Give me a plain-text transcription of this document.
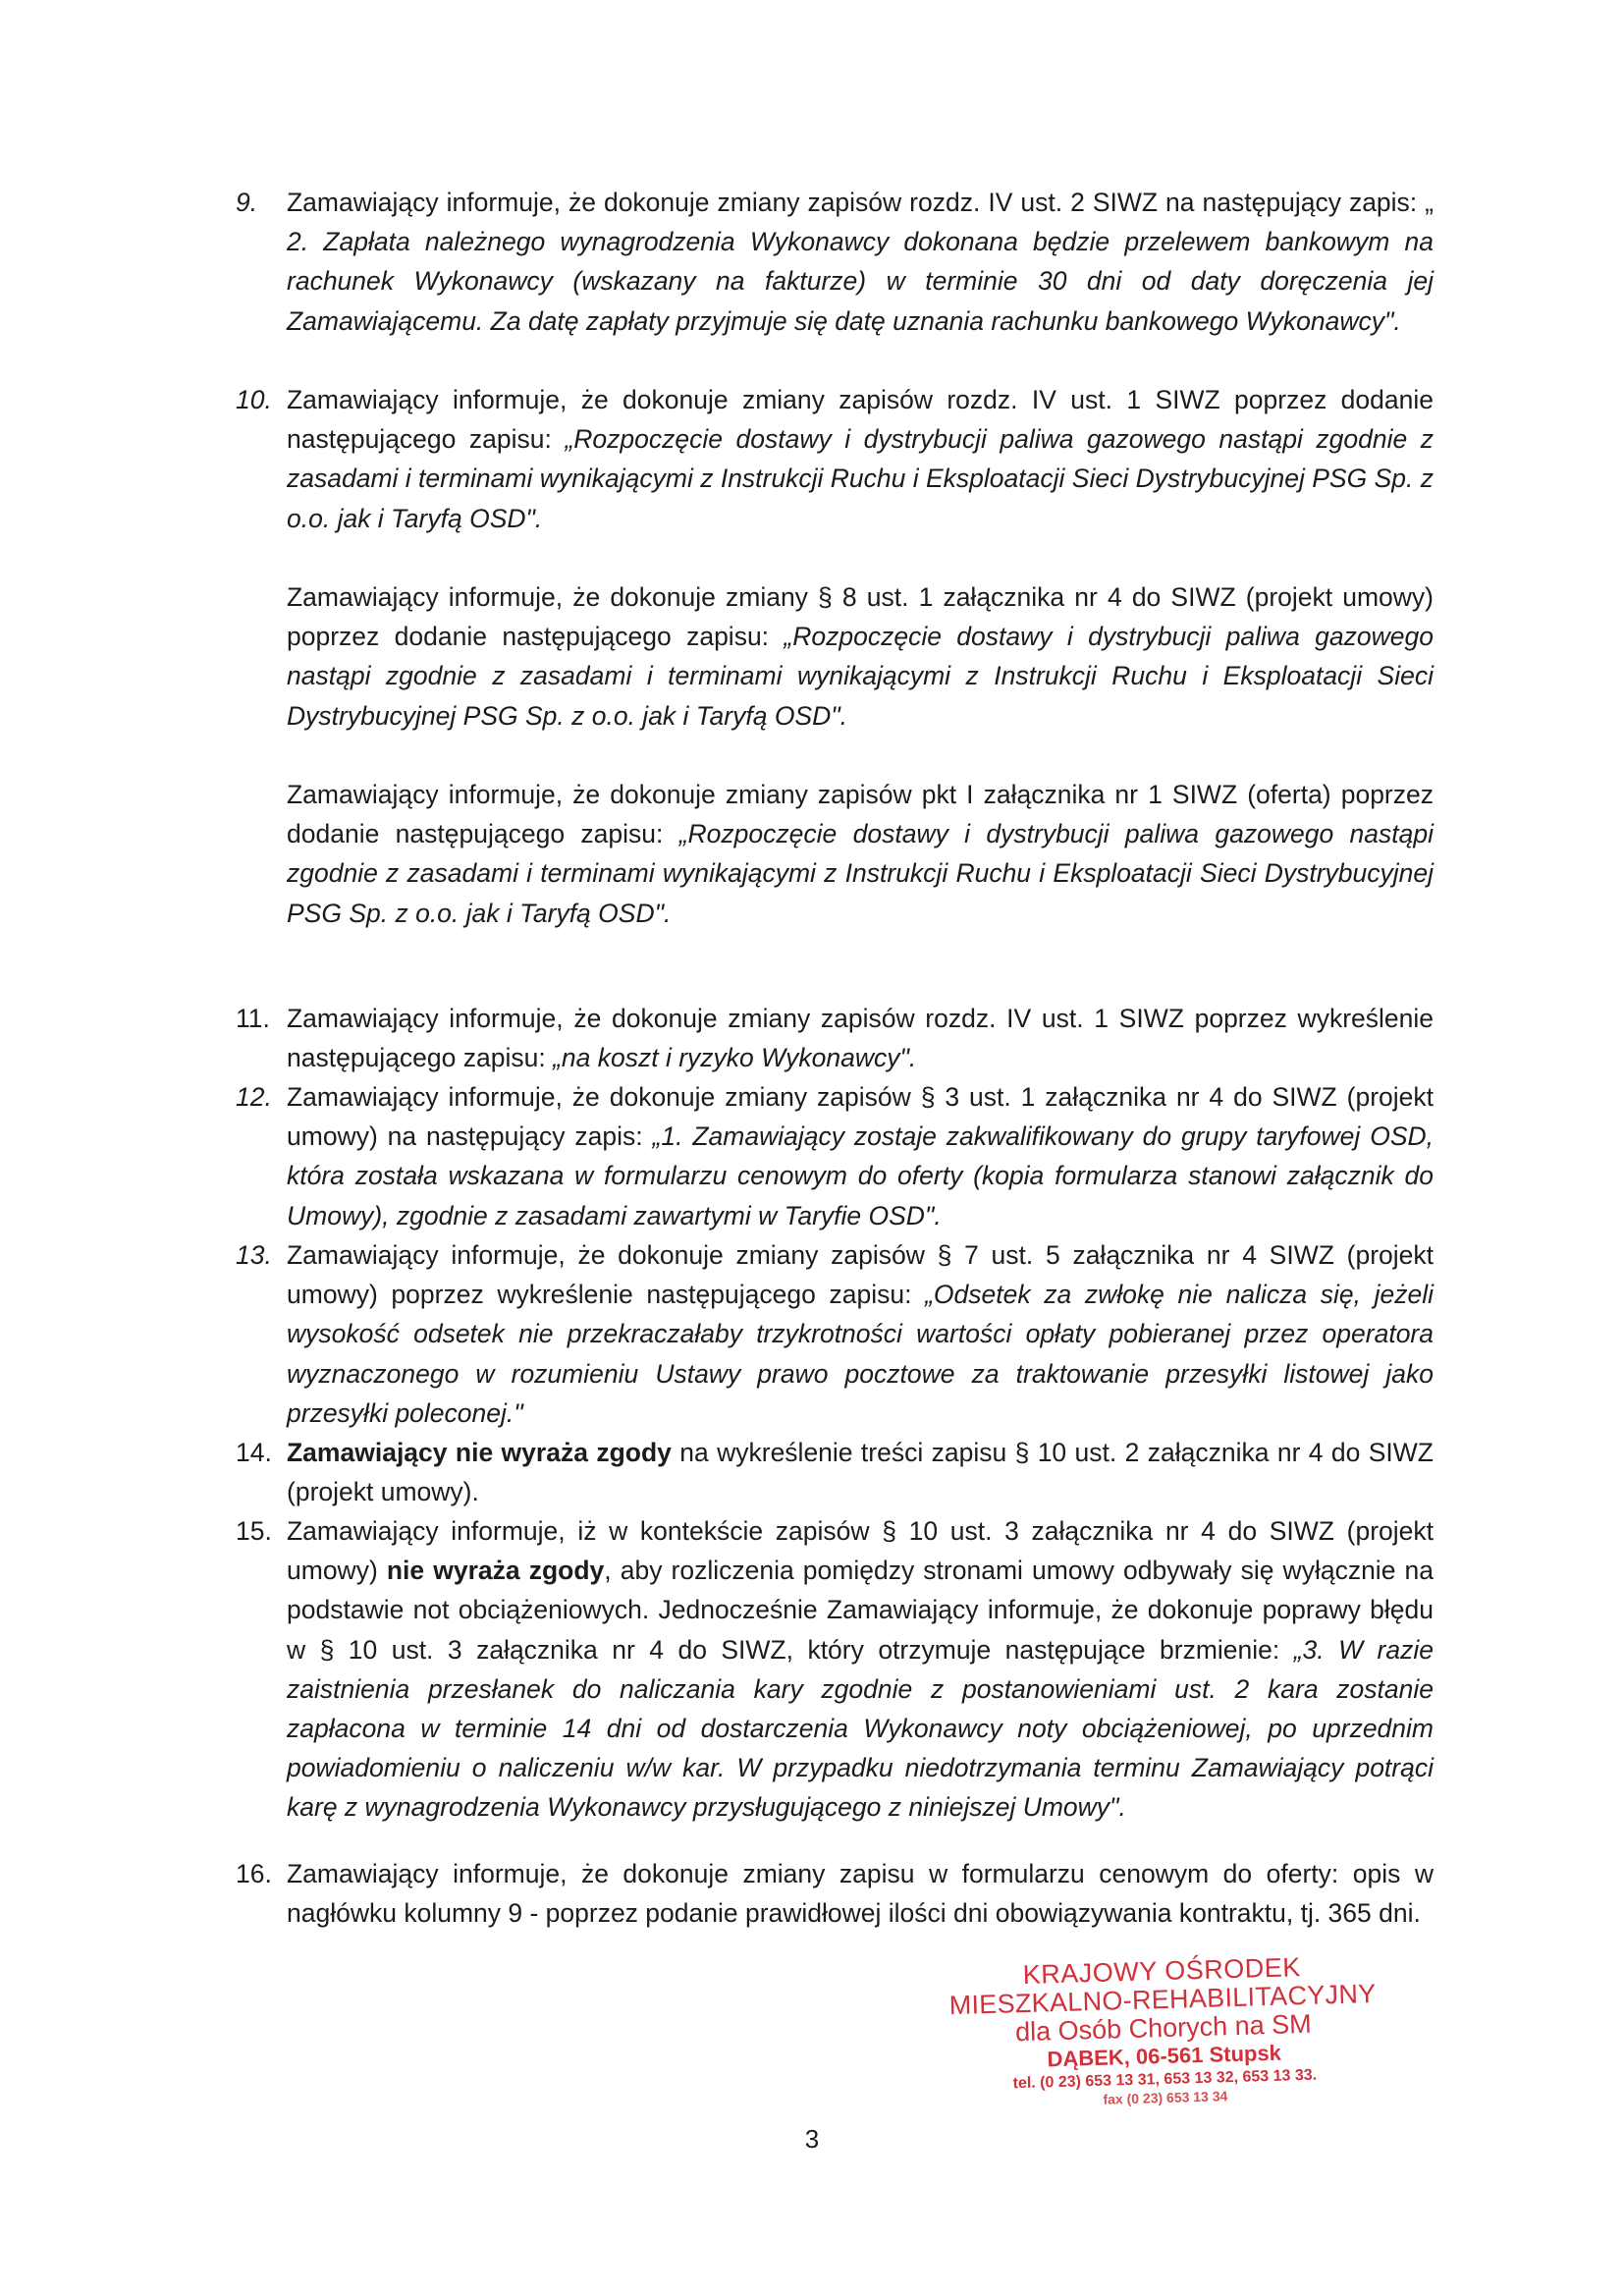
9.	Zamawiający informuje, że dokonuje zmiany zapisów rozdz. IV ust. 2 SIWZ na następujący zapis: „ 2. Zapłata należnego wynagrodzenia Wykonawcy dokonana będzie przelewem bankowym na rachunek Wykonawcy (wskazany na fakturze) w terminie 30 dni od daty doręczenia jej Zamawiającemu. Za datę zapłaty przyjmuje się datę uznania rachunku bankowego Wykonawcy".
10. Zamawiający informuje, że dokonuje zmiany zapisów rozdz. IV ust. 1 SIWZ poprzez dodanie następującego zapisu: „Rozpoczęcie dostawy i dystrybucji paliwa gazowego nastąpi zgodnie z zasadami i terminami wynikającymi z Instrukcji Ruchu i Eksploatacji Sieci Dystrybucyjnej PSG Sp. z o.o. jak i Taryfą OSD".
Zamawiający informuje, że dokonuje zmiany § 8 ust. 1 załącznika nr 4 do SIWZ (projekt umowy) poprzez dodanie następującego zapisu: „Rozpoczęcie dostawy i dystrybucji paliwa gazowego nastąpi zgodnie z zasadami i terminami wynikającymi z Instrukcji Ruchu i Eksploatacji Sieci Dystrybucyjnej PSG Sp. z o.o. jak i Taryfą OSD".
Zamawiający informuje, że dokonuje zmiany zapisów pkt I załącznika nr 1 SIWZ (oferta) poprzez dodanie następującego zapisu: „Rozpoczęcie dostawy i dystrybucji paliwa gazowego nastąpi zgodnie z zasadami i terminami wynikającymi z Instrukcji Ruchu i Eksploatacji Sieci Dystrybucyjnej PSG Sp. z o.o. jak i Taryfą OSD".
11. Zamawiający informuje, że dokonuje zmiany zapisów rozdz. IV ust. 1 SIWZ poprzez wykreślenie następującego zapisu: „na koszt i ryzyko Wykonawcy".
12. Zamawiający informuje, że dokonuje zmiany zapisów § 3 ust. 1 załącznika nr 4 do SIWZ (projekt umowy) na następujący zapis: „1. Zamawiający zostaje zakwalifikowany do grupy taryfowej OSD, która została wskazana w formularzu cenowym do oferty (kopia formularza stanowi załącznik do Umowy), zgodnie z zasadami zawartymi w Taryfie OSD".
13. Zamawiający informuje, że dokonuje zmiany zapisów § 7 ust. 5 załącznika nr 4 SIWZ (projekt umowy) poprzez wykreślenie następującego zapisu: „Odsetek za zwłokę nie nalicza się, jeżeli wysokość odsetek nie przekraczałaby trzykrotności wartości opłaty pobieranej przez operatora wyznaczonego w rozumieniu Ustawy prawo pocztowe za traktowanie przesyłki listowej jako przesyłki poleconej."
14. Zamawiający nie wyraża zgody na wykreślenie treści zapisu § 10 ust. 2 załącznika nr 4 do SIWZ (projekt umowy).
15. Zamawiający informuje, iż w kontekście zapisów § 10 ust. 3 załącznika nr 4 do SIWZ (projekt umowy) nie wyraża zgody, aby rozliczenia pomiędzy stronami umowy odbywały się wyłącznie na podstawie not obciążeniowych. Jednocześnie Zamawiający informuje, że dokonuje poprawy błędu w § 10 ust. 3 załącznika nr 4 do SIWZ, który otrzymuje następujące brzmienie: „3. W razie zaistnienia przesłanek do naliczania kary zgodnie z postanowieniami ust. 2 kara zostanie zapłacona w terminie 14 dni od dostarczenia Wykonawcy noty obciążeniowej, po uprzednim powiadomieniu o naliczeniu w/w kar. W przypadku niedotrzymania terminu Zamawiający potrąci karę z wynagrodzenia Wykonawcy przysługującego z niniejszej Umowy".
16. Zamawiający informuje, że dokonuje zmiany zapisu w formularzu cenowym do oferty: opis w nagłówku kolumny 9 - poprzez podanie prawidłowej ilości dni obowiązywania kontraktu, tj. 365 dni.
KRAJOWY OŚRODEK
MIESZKALNO-REHABILITACYJNY
dla Osób Chorych na SM
DĄBEK, 06-561 Stupsk
tel. (0 23) 653 13 31, 653 13 32, 653 13 33.
fax (0 23) 653 13 34
3
